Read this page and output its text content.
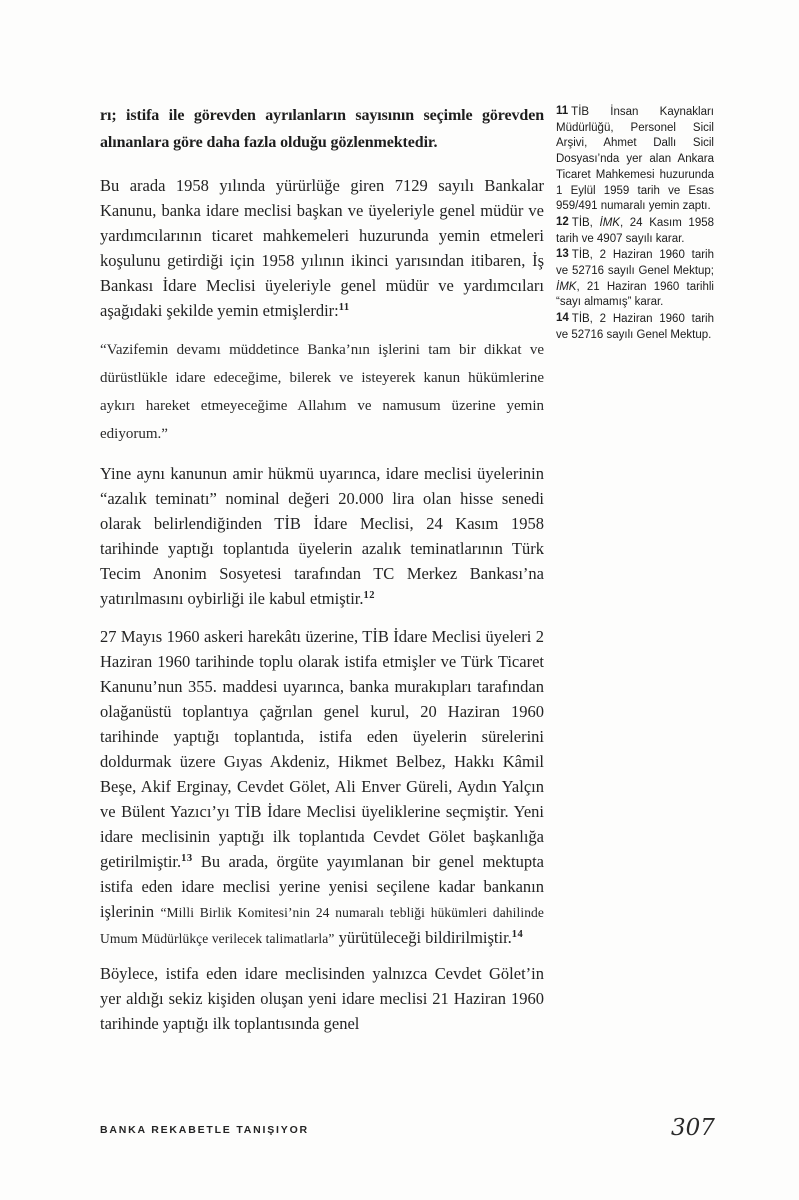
rı; istifa ile görevden ayrılanların sayısının seçimle görevden alınanlara göre daha fazla olduğu gözlenmektedir.

Bu arada 1958 yılında yürürlüğe giren 7129 sayılı Bankalar Kanunu, banka idare meclisi başkan ve üyeleriyle genel müdür ve yardımcılarının ticaret mahkemeleri huzurunda yemin etmeleri koşulunu getirdiği için 1958 yılının ikinci yarısından itibaren, İş Bankası İdare Meclisi üyeleriyle genel müdür ve yardımcıları aşağıdaki şekilde yemin etmişlerdir:$^{11}$

“Vazifemin devamı müddetince Banka’nın işlerini tam bir dikkat ve dürüstlükle idare edeceğime, bilerek ve isteyerek kanun hükümlerine aykırı hareket etmeyeceğime Allahım ve namusum üzerine yemin ediyorum.”

Yine aynı kanunun amir hükmü uyarınca, idare meclisi üyelerinin “azalık teminatı” nominal değeri 20.000 lira olan hisse senedi olarak belirlendiğinden TİB İdare Meclisi, 24 Kasım 1958 tarihinde yaptığı toplantıda üyelerin azalık teminatlarının Türk Tecim Anonim Sosyetesi tarafından TC Merkez Bankası’na yatırılmasını oybirliği ile kabul etmiştir.$^{12}$

27 Mayıs 1960 askeri harekâtı üzerine, TİB İdare Meclisi üyeleri 2 Haziran 1960 tarihinde toplu olarak istifa etmişler ve Türk Ticaret Kanunu’nun 355. maddesi uyarınca, banka murakıpları tarafından olağanüstü toplantıya çağrılan genel kurul, 20 Haziran 1960 tarihinde yaptığı toplantıda, istifa eden üyelerin sürelerini doldurmak üzere Gıyas Akdeniz, Hikmet Belbez, Hakkı Kâmil Beşe, Akif Erginay, Cevdet Gölet, Ali Enver Güreli, Aydın Yalçın ve Bülent Yazıcı’yı TİB İdare Meclisi üyeliklerine seçmiştir. Yeni idare meclisinin yaptığı ilk toplantıda Cevdet Gölet başkanlığa getirilmiştir.$^{13}$ Bu arada, örgüte yayımlanan bir genel mektupta istifa eden idare meclisi yerine yenisi seçilene kadar bankanın işlerinin “Milli Birlik Komitesi’nin 24 numaralı tebliği hükümleri dahilinde Umum Müdürlükçe verilecek talimatlarla” yürütüleceği bildirilmiştir.$^{14}$

Böylece, istifa eden idare meclisinden yalnızca Cevdet Gölet’in yer aldığı sekiz kişiden oluşan yeni idare meclisi 21 Haziran 1960 tarihinde yaptığı ilk toplantısında genel

11 TİB İnsan Kaynakları Müdürlüğü, Personel Sicil Arşivi, Ahmet Dallı Sicil Dosyası’nda yer alan Ankara Ticaret Mahkemesi huzurunda 1 Eylül 1959 tarih ve Esas 959/491 numaralı yemin zaptı.

12 TİB, İMK, 24 Kasım 1958 tarih ve 4907 sayılı karar.

13 TİB, 2 Haziran 1960 tarih ve 52716 sayılı Genel Mektup; İMK, 21 Haziran 1960 tarihli “sayı almamış” karar.

14 TİB, 2 Haziran 1960 tarih ve 52716 sayılı Genel Mektup.

BANKA REKABETLE TANIŞIYOR	307
